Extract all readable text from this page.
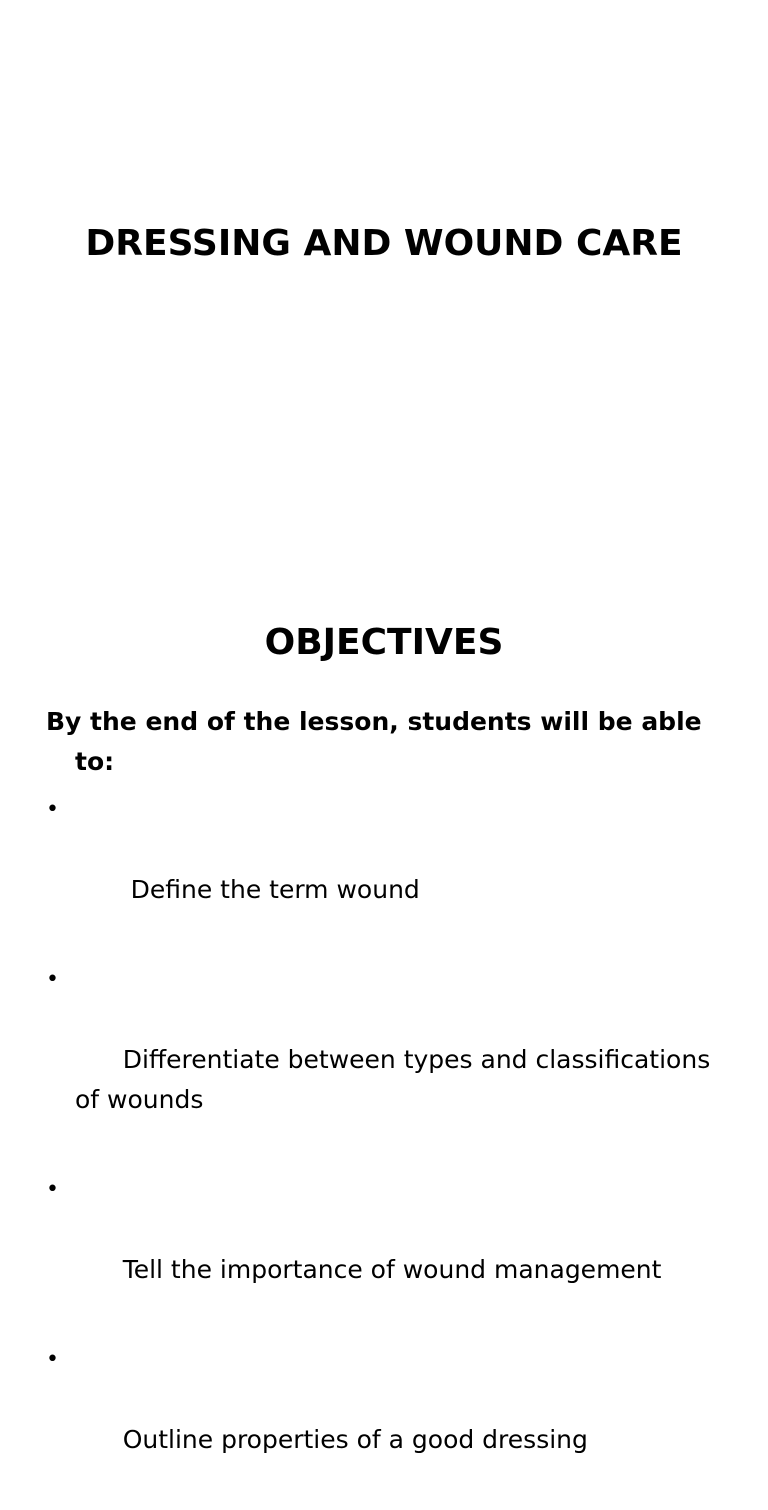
DRESSING AND WOUND CARE
OBJECTIVES
By the end of the lesson, students will be able to:

•

Define the term wound

•

Differentiate between types and classifications of wounds

•

Tell the importance of wound management

•

Outline properties of a good dressing
